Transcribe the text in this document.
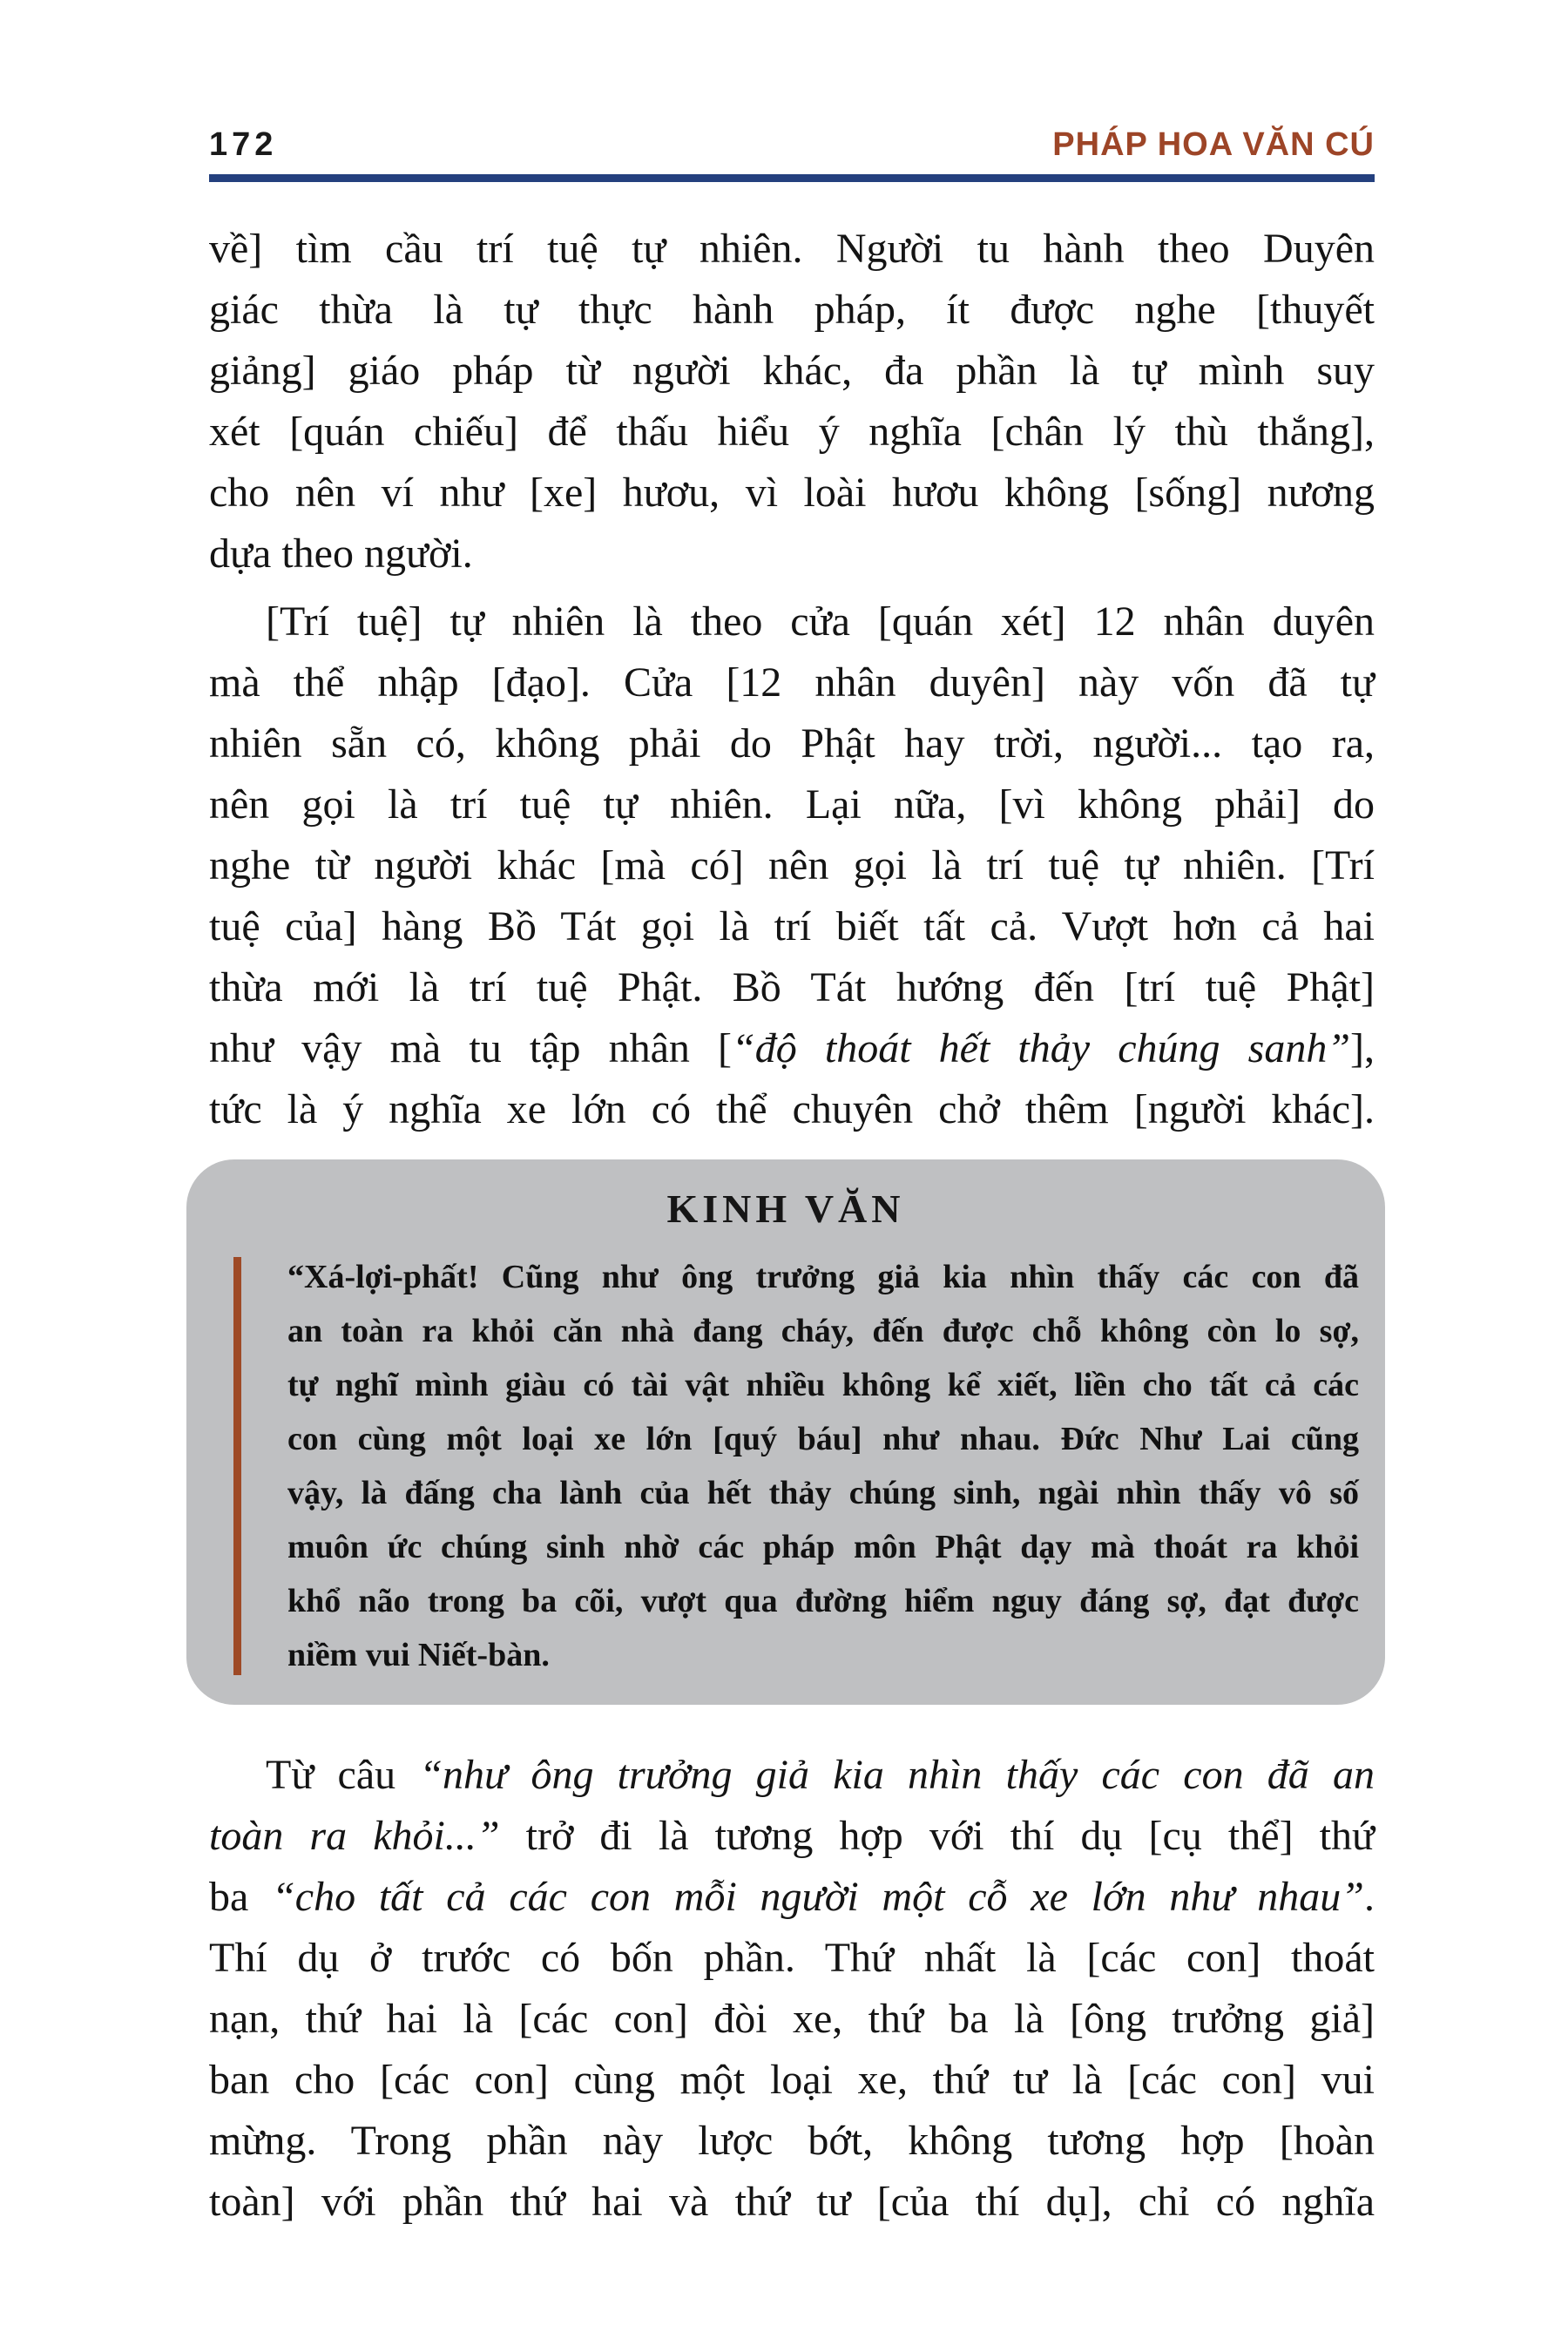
172	PHÁP HOA VĂN CÚ
về] tìm cầu trí tuệ tự nhiên. Người tu hành theo Duyên
giác thừa là tự thực hành pháp, ít được nghe [thuyết
giảng] giáo pháp từ người khác, đa phần là tự mình suy
xét [quán chiếu] để thấu hiểu ý nghĩa [chân lý thù thắng],
cho nên ví như [xe] hươu, vì loài hươu không [sống] nương
dựa theo người.
[Trí tuệ] tự nhiên là theo cửa [quán xét] 12 nhân duyên
mà thể nhập [đạo]. Cửa [12 nhân duyên] này vốn đã tự
nhiên sẵn có, không phải do Phật hay trời, người... tạo ra,
nên gọi là trí tuệ tự nhiên. Lại nữa, [vì không phải] do
nghe từ người khác [mà có] nên gọi là trí tuệ tự nhiên. [Trí
tuệ của] hàng Bồ Tát gọi là trí biết tất cả. Vượt hơn cả hai
thừa mới là trí tuệ Phật. Bồ Tát hướng đến [trí tuệ Phật]
như vậy mà tu tập nhân [“độ thoát hết thảy chúng sanh”],
tức là ý nghĩa xe lớn có thể chuyên chở thêm [người khác].
KINH VĂN
“Xá-lợi-phất! Cũng như ông trưởng giả kia nhìn thấy các con đã
an toàn ra khỏi căn nhà đang cháy, đến được chỗ không còn lo sợ,
tự nghĩ mình giàu có tài vật nhiều không kể xiết, liền cho tất cả các
con cùng một loại xe lớn [quý báu] như nhau. Đức Như Lai cũng
vậy, là đấng cha lành của hết thảy chúng sinh, ngài nhìn thấy vô số
muôn ức chúng sinh nhờ các pháp môn Phật dạy mà thoát ra khỏi
khổ não trong ba cõi, vượt qua đường hiểm nguy đáng sợ, đạt được
niềm vui Niết-bàn.
Từ câu “như ông trưởng giả kia nhìn thấy các con đã an
toàn ra khỏi...” trở đi là tương hợp với thí dụ [cụ thể] thứ
ba “cho tất cả các con mỗi người một cỗ xe lớn như nhau”.
Thí dụ ở trước có bốn phần. Thứ nhất là [các con] thoát
nạn, thứ hai là [các con] đòi xe, thứ ba là [ông trưởng giả]
ban cho [các con] cùng một loại xe, thứ tư là [các con] vui
mừng. Trong phần này lược bớt, không tương hợp [hoàn
toàn] với phần thứ hai và thứ tư [của thí dụ], chỉ có nghĩa
